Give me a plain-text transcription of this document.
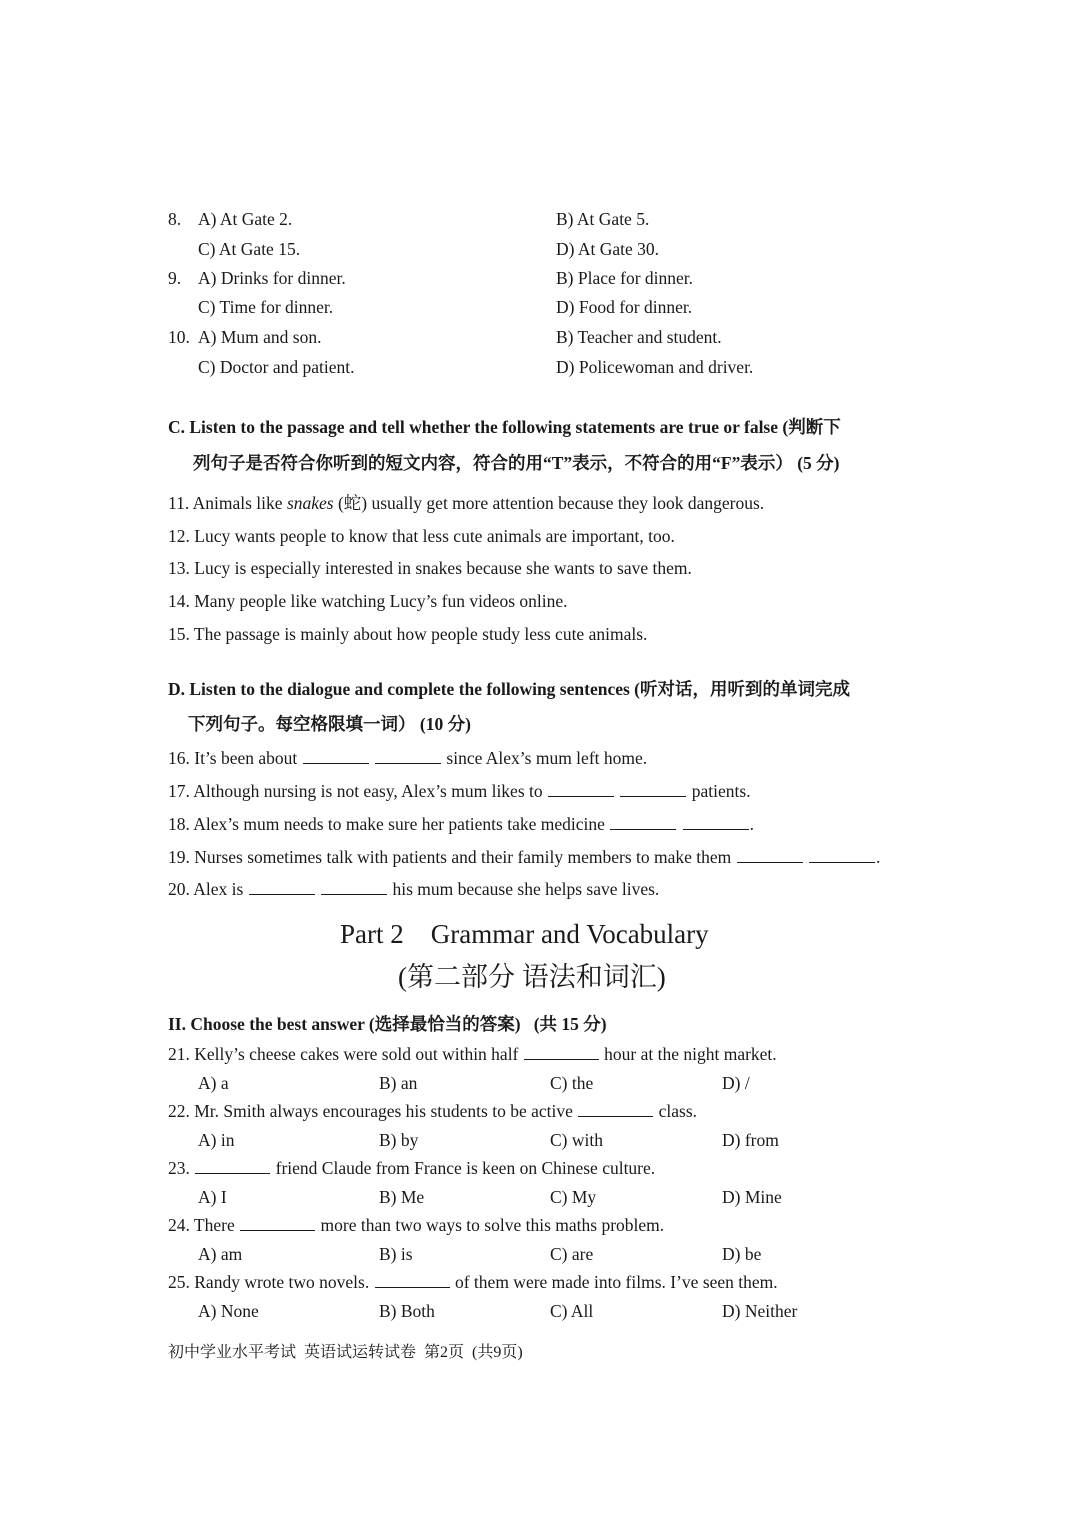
8. A) At Gate 2.	B) At Gate 5.
C) At Gate 15.	D) At Gate 30.
9. A) Drinks for dinner.	B) Place for dinner.
C) Time for dinner.	D) Food for dinner.
10. A) Mum and son.	B) Teacher and student.
C) Doctor and patient.	D) Policewoman and driver.
C. Listen to the passage and tell whether the following statements are true or false (判断下
列句子是否符合你听到的短文内容，符合的用“T”表示，不符合的用“F”表示） (5 分)
11. Animals like snakes (蛇) usually get more attention because they look dangerous.
12. Lucy wants people to know that less cute animals are important, too.
13. Lucy is especially interested in snakes because she wants to save them.
14. Many people like watching Lucy’s fun videos online.
15. The passage is mainly about how people study less cute animals.
D. Listen to the dialogue and complete the following sentences (听对话，用听到的单词完成
下列句子。每空格限填一词） (10 分)
16. It’s been about	since Alex’s mum left home.
17. Although nursing is not easy, Alex’s mum likes to	patients.
18. Alex’s mum needs to make sure her patients take medicine	.
19. Nurses sometimes talk with patients and their family members to make them	.
20. Alex is	his mum because she helps save lives.
Part 2    Grammar and Vocabulary
(第二部分 语法和词汇)
II. Choose the best answer (选择最恰当的答案)   (共 15 分)
21. Kelly’s cheese cakes were sold out within half	hour at the night market.
A) a	B) an	C) the	D) /
22. Mr. Smith always encourages his students to be active	class.
A) in	B) by	C) with	D) from
23.	friend Claude from France is keen on Chinese culture.
A) I	B) Me	C) My	D) Mine
24. There	more than two ways to solve this maths problem.
A) am	B) is	C) are	D) be
25. Randy wrote two novels.	of them were made into films. I’ve seen them.
A) None	B) Both	C) All	D) Neither
初中学业水平考试  英语试运转试卷  第2页  (共9页)
